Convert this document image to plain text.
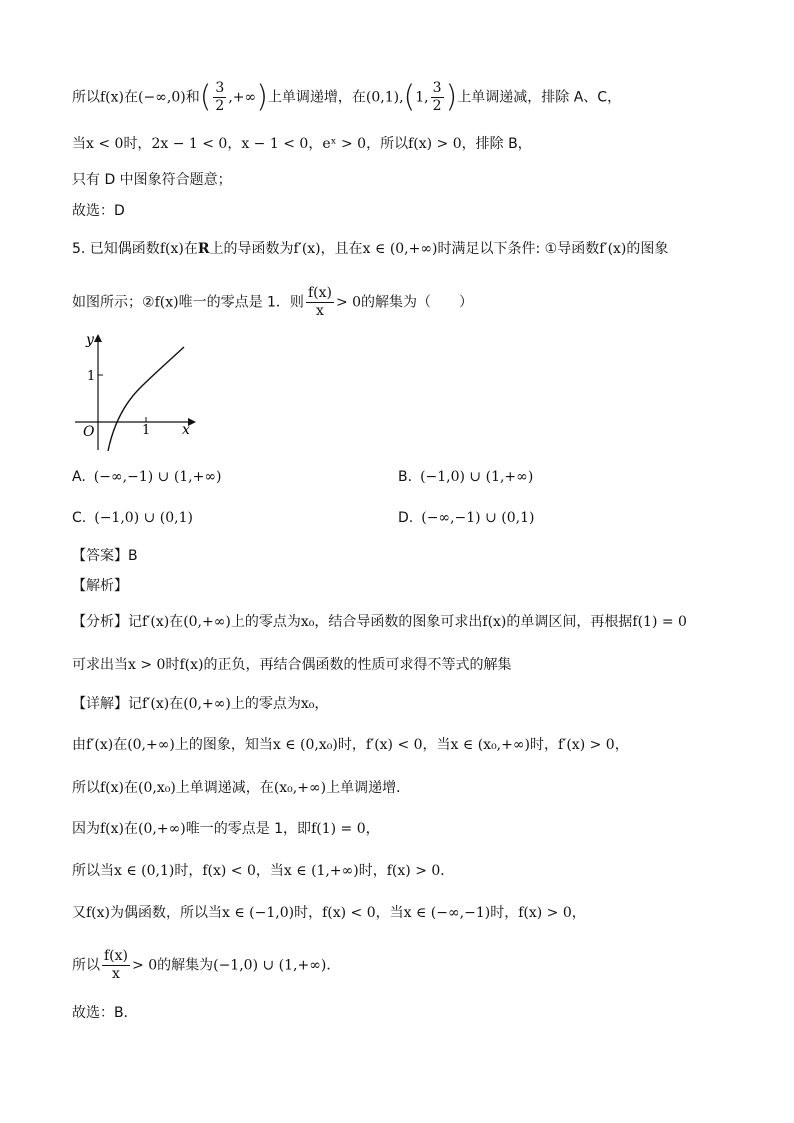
所以f(x)在(−∞,0)和( $\frac{3}{2}$ ,+∞)上单调递增，在(0,1),(1, $\frac{3}{2}$ )上单调递减，排除 A、C，
当x < 0时，2x − 1 < 0，x − 1 < 0，eˣ > 0，所以f(x) > 0，排除 B，
只有 D 中图象符合题意；
故选：D
5. 已知偶函数f(x)在R上的导函数为f′(x)，且在x ∈ (0,+∞)时满足以下条件: ①导函数f′(x)的图象
如图所示；②f(x)唯一的零点是 1．则 $\frac{f(x)}{x} > 0$的解集为（　　）
y
x
O
1
1
A. (−∞,−1) ∪ (1,+∞)	B. (−1,0) ∪ (1,+∞)
C. (−1,0) ∪ (0,1)	D. (−∞,−1) ∪ (0,1)
【答案】B
【解析】
【分析】记f′(x)在(0,+∞)上的零点为x₀，结合导函数的图象可求出f(x)的单调区间，再根据f(1) = 0
可求出当x > 0时f(x)的正负，再结合偶函数的性质可求得不等式的解集
【详解】记f′(x)在(0,+∞)上的零点为x₀，
由f′(x)在(0,+∞)上的图象，知当x ∈ (0,x₀)时，f′(x) < 0，当x ∈ (x₀,+∞)时，f′(x) > 0，
所以f(x)在(0,x₀)上单调递减，在(x₀,+∞)上单调递增．
因为f(x)在(0,+∞)唯一的零点是 1，即f(1) = 0，
所以当x ∈ (0,1)时，f(x) < 0，当x ∈ (1,+∞)时，f(x) > 0．
又f(x)为偶函数，所以当x ∈ (−1,0)时，f(x) < 0，当x ∈ (−∞,−1)时，f(x) > 0，
所以 $\frac{f(x)}{x} > 0$的解集为(−1,0) ∪ (1,+∞)．
故选：B．
